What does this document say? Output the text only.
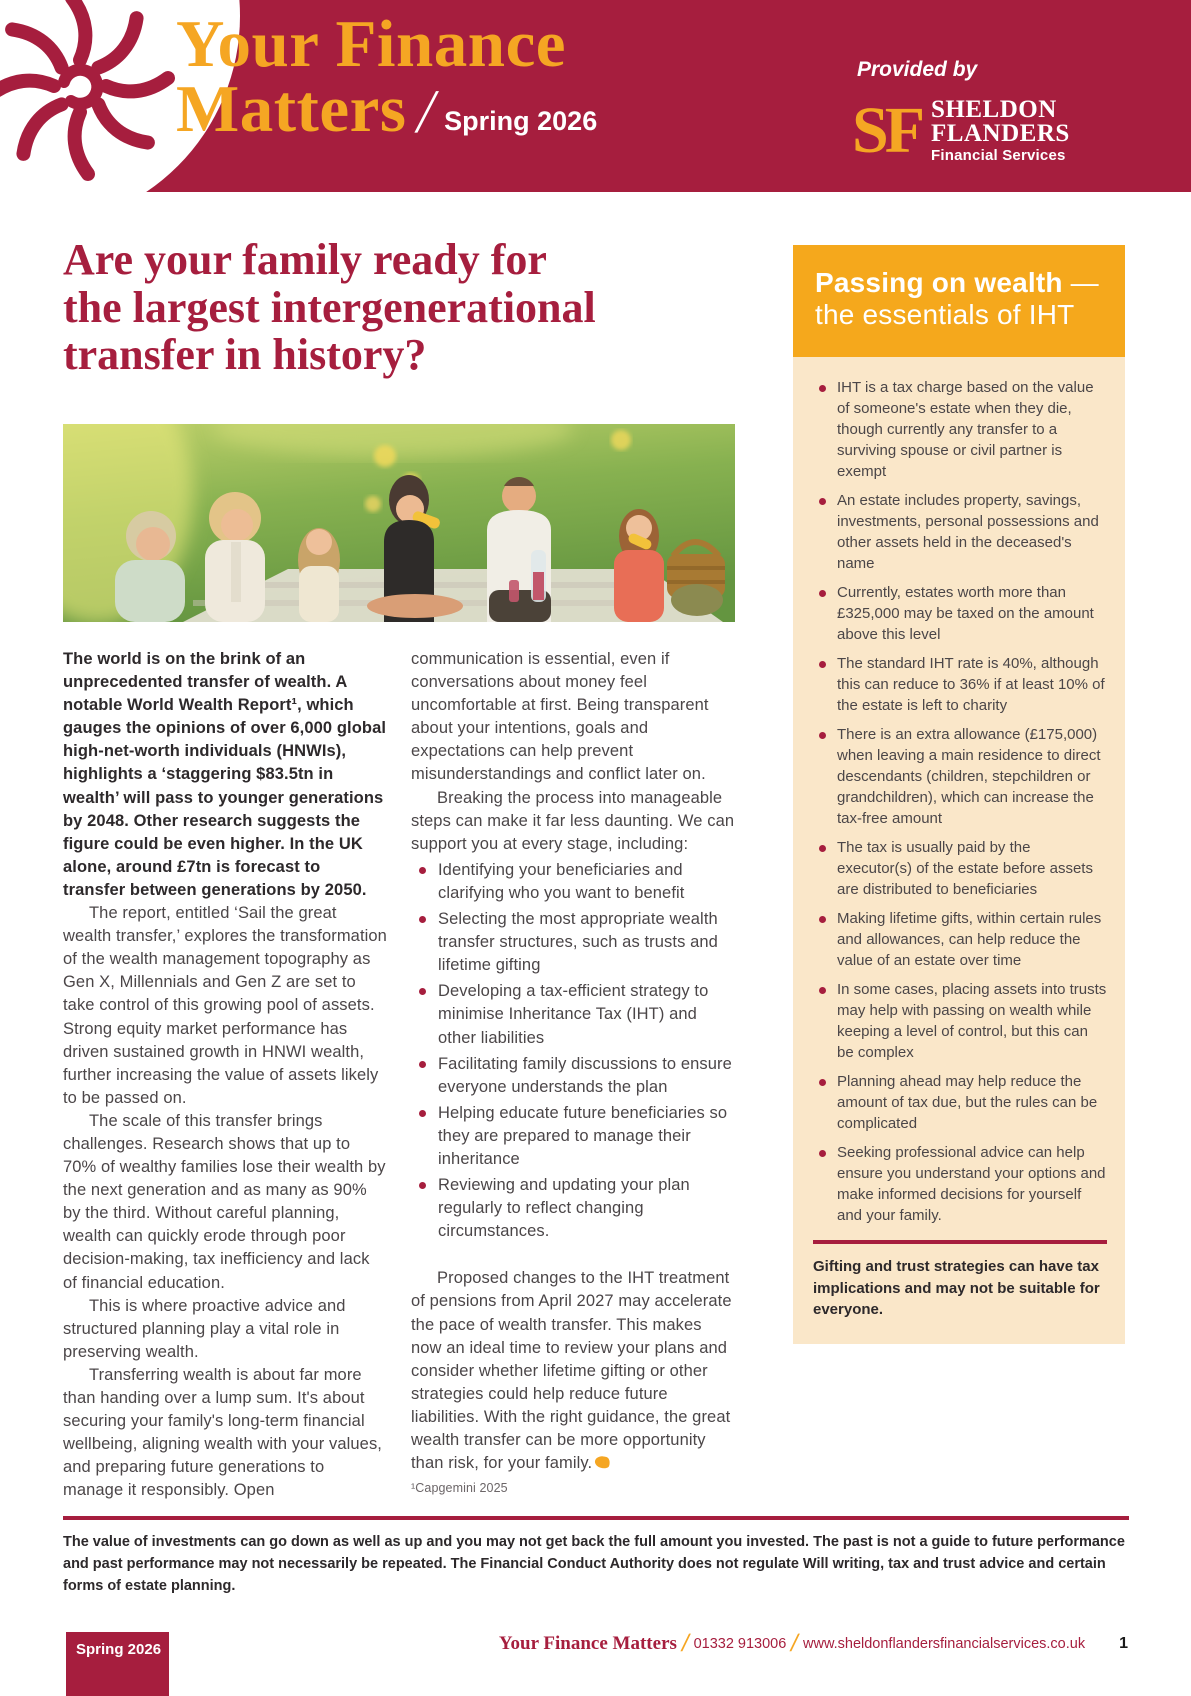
Your Finance
Matters / Spring 2026
Provided by
SF SHELDON
FLANDERS
Financial Services
Are your family ready for
the largest intergenerational
transfer in history?

The world is on the brink of an unprecedented transfer of wealth. A notable World Wealth Report¹, which gauges the opinions of over 6,000 global high-net-worth individuals (HNWIs), highlights a ‘staggering $83.5tn in wealth’ will pass to younger generations by 2048. Other research suggests the figure could be even higher. In the UK alone, around £7tn is forecast to transfer between generations by 2050.

The report, entitled ‘Sail the great wealth transfer,’ explores the transformation of the wealth management topography as Gen X, Millennials and Gen Z are set to take control of this growing pool of assets. Strong equity market performance has driven sustained growth in HNWI wealth, further increasing the value of assets likely to be passed on.

The scale of this transfer brings challenges. Research shows that up to 70% of wealthy families lose their wealth by the next generation and as many as 90% by the third. Without careful planning, wealth can quickly erode through poor decision-making, tax inefficiency and lack of financial education.

This is where proactive advice and structured planning play a vital role in preserving wealth.

Transferring wealth is about far more than handing over a lump sum. It's about securing your family's long-term financial wellbeing, aligning wealth with your values, and preparing future generations to manage it responsibly. Open communication is essential, even if conversations about money feel uncomfortable at first. Being transparent about your intentions, goals and expectations can help prevent misunderstandings and conflict later on.

Breaking the process into manageable steps can make it far less daunting. We can support you at every stage, including:

Identifying your beneficiaries and clarifying who you want to benefit
Selecting the most appropriate wealth transfer structures, such as trusts and lifetime gifting
Developing a tax-efficient strategy to minimise Inheritance Tax (IHT) and other liabilities
Facilitating family discussions to ensure everyone understands the plan
Helping educate future beneficiaries so they are prepared to manage their inheritance
Reviewing and updating your plan regularly to reflect changing circumstances.

Proposed changes to the IHT treatment of pensions from April 2027 may accelerate the pace of wealth transfer. This makes now an ideal time to review your plans and consider whether lifetime gifting or other strategies could help reduce future liabilities. With the right guidance, the great wealth transfer can be more opportunity than risk, for your family.

¹Capgemini 2025

Passing on wealth — the essentials of IHT
IHT is a tax charge based on the value of someone's estate when they die, though currently any transfer to a surviving spouse or civil partner is exempt
An estate includes property, savings, investments, personal possessions and other assets held in the deceased's name
Currently, estates worth more than £325,000 may be taxed on the amount above this level
The standard IHT rate is 40%, although this can reduce to 36% if at least 10% of the estate is left to charity
There is an extra allowance (£175,000) when leaving a main residence to direct descendants (children, stepchildren or grandchildren), which can increase the tax-free amount
The tax is usually paid by the executor(s) of the estate before assets are distributed to beneficiaries
Making lifetime gifts, within certain rules and allowances, can help reduce the value of an estate over time
In some cases, placing assets into trusts may help with passing on wealth while keeping a level of control, but this can be complex
Planning ahead may help reduce the amount of tax due, but the rules can be complicated
Seeking professional advice can help ensure you understand your options and make informed decisions for yourself and your family.
Gifting and trust strategies can have tax implications and may not be suitable for everyone.

The value of investments can go down as well as up and you may not get back the full amount you invested. The past is not a guide to future performance and past performance may not necessarily be repeated. The Financial Conduct Authority does not regulate Will writing, tax and trust advice and certain forms of estate planning.

Spring 2026	Your Finance Matters / 01332 913006 / www.sheldonflandersfinancialservices.co.uk 1
